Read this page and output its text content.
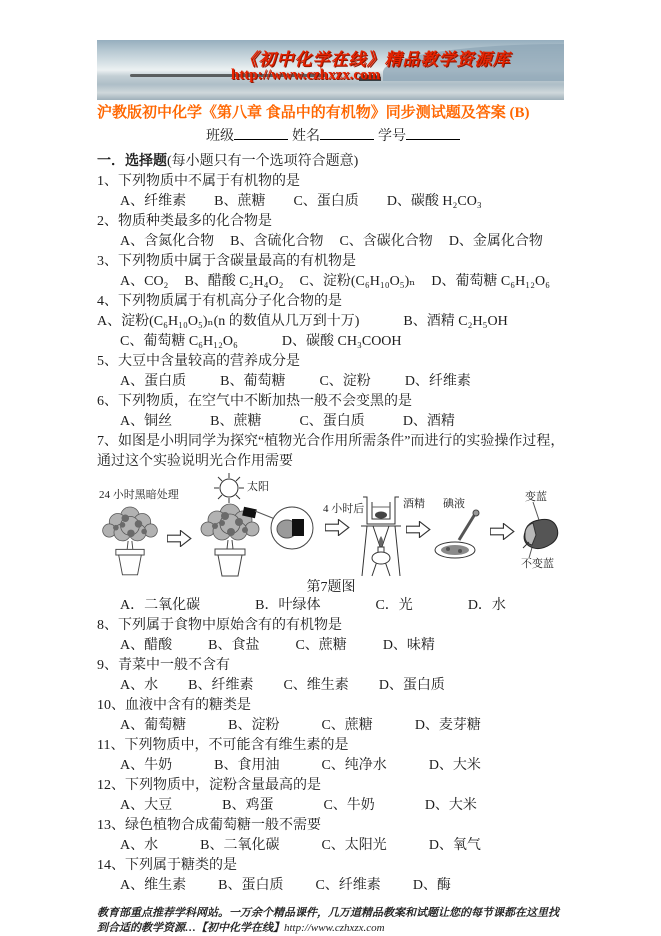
《初中化学在线》精品教学资源库
http://www.czhxzx.com
沪教版初中化学《第八章 食品中的有机物》同步测试题及答案 (B)
班级	姓名	学号
一．选择题(每小题只有一个选项符合题意)
1、下列物质中不属于有机物的是
A、纤维素 B、蔗糖 C、蛋白质 D、碳酸 H₂CO₃
2、物质种类最多的化合物是
A、含氮化合物 B、含硫化合物 C、含碳化合物 D、金属化合物
3、下列物质中属于含碳量最高的有机物是
A、CO₂ B、醋酸 C₂H₄O₂ C、淀粉(C₆H₁₀O₅)ₙ D、葡萄糖 C₆H₁₂O₆
4、下列物质属于有机高分子化合物的是
A、淀粉(C₆H₁₀O₅)ₙ(n 的数值从几万到十万)	B、酒精 C₂H₅OH
C、葡萄糖 C₆H₁₂O₆	D、碳酸 CH₃COOH
5、大豆中含量较高的营养成分是
A、蛋白质 B、葡萄糖 C、淀粉 D、纤维素
6、下列物质，在空气中不断加热一般不会变黑的是
A、铜丝	B、蔗糖	C、蛋白质	D、酒精
7、如图是小明同学为探究“植物光合作用所需条件”而进行的实验操作过程，通过这个实验说明光合作用需要
太阳
24 小时黑暗处理
4 小时后	酒精 碘液
变蓝
不变蓝
第7题图
A．二氧化碳	B．叶绿体	C．光	D．水
8、下列属于食物中原始含有的有机物是
A、醋酸	B、食盐	C、蔗糖	D、味精
9、青菜中一般不含有
A、水 B、纤维素 C、维生素 D、蛋白质
10、血液中含有的糖类是
A、葡萄糖	B、淀粉	C、蔗糖	D、麦芽糖
11、下列物质中，不可能含有维生素的是
A、牛奶	B、食用油	C、纯净水	D、大米
12、下列物质中，淀粉含量最高的是
A、大豆	B、鸡蛋	C、牛奶	D、大米
13、绿色植物合成葡萄糖一般不需要
A、水	B、二氧化碳	C、太阳光	D、氧气
14、下列属于糖类的是
A、维生素 B、蛋白质 C、纤维素 D、酶

教育部重点推荐学科网站。一万余个精品课件，几万道精品教案和试题让您的每节课都在这里找到合适的教学资源…【初中化学在线】http://www.czhxzx.com
